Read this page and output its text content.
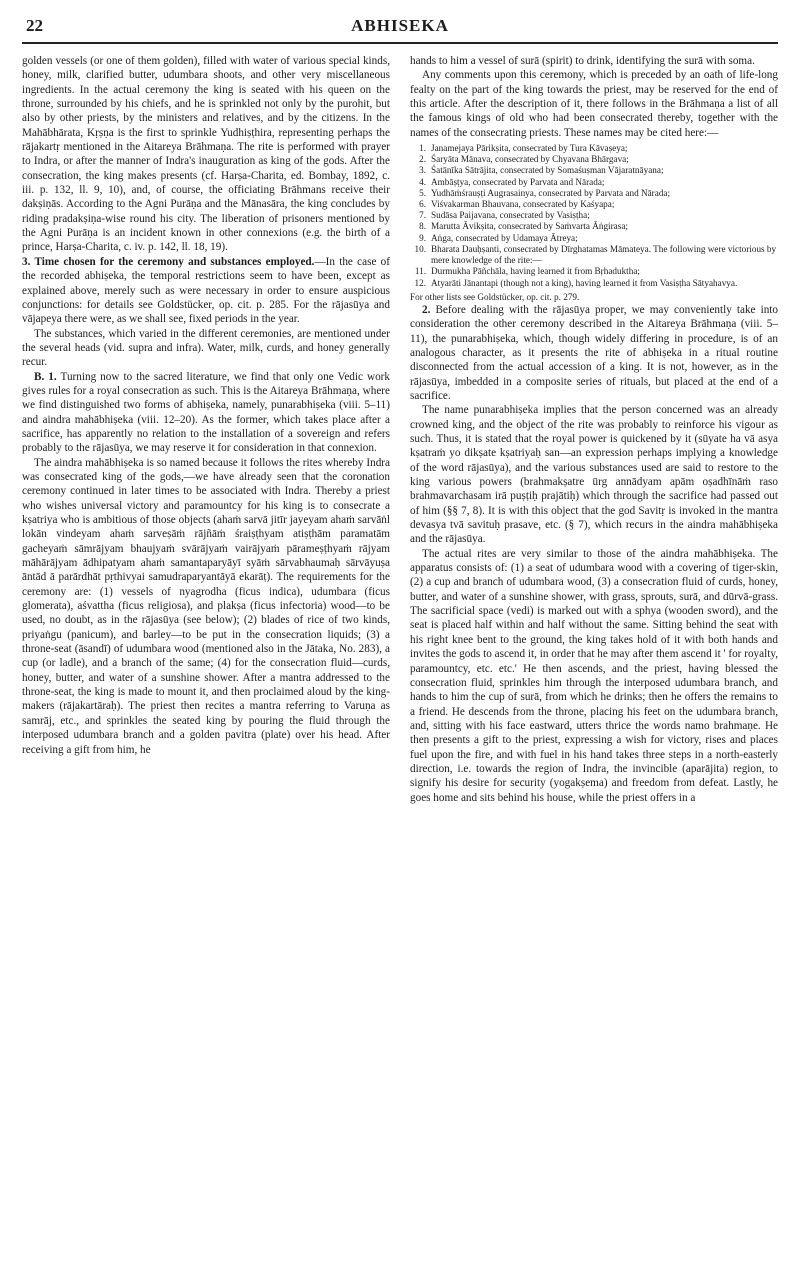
22	ABHISEKA

golden vessels (or one of them golden), filled with water of various special kinds, honey, milk, clarified butter, udumbara shoots, and other very miscellaneous ingredients. In the actual ceremony the king is seated with his queen on the throne, surrounded by his chiefs, and he is sprinkled not only by the purohit, but also by other priests, by the ministers and relatives, and by the citizens. In the Mahābhārata, Kṛṣṇa is the first to sprinkle Yudhiṣṭhira, representing perhaps the rājakartṛ mentioned in the Aitareya Brāhmaṇa. The rite is performed with prayer to Indra, or after the manner of Indra's inauguration as king of the gods. After the consecration, the king makes presents (cf. Harṣa-Charita, ed. Bombay, 1892, c. iii. p. 132, ll. 9, 10), and, of course, the officiating Brāhmans receive their dakṣiṇās. According to the Agni Purāṇa and the Mānasāra, the king concludes by riding pradakṣiṇa-wise round his city. The liberation of prisoners mentioned by the Agni Purāṇa is an incident known in other connexions (e.g. the birth of a prince, Harṣa-Charita, c. iv. p. 142, ll. 18, 19).

3. Time chosen for the ceremony and substances employed.—In the case of the recorded abhiṣeka, the temporal restrictions seem to have been, except as explained above, merely such as were necessary in order to ensure auspicious conjunctions: for details see Goldstücker, op. cit. p. 285. For the rājasūya and vājapeya there were, as we shall see, fixed periods in the year.

The substances, which varied in the different ceremonies, are mentioned under the several heads (vid. supra and infra). Water, milk, curds, and honey generally recur.

B. 1. Turning now to the sacred literature, we find that only one Vedic work gives rules for a royal consecration as such. This is the Aitareya Brāhmaṇa, where we find distinguished two forms of abhiṣeka, namely, punarabhiṣeka (viii. 5–11) and aindra mahābhiṣeka (viii. 12–20). As the former, which takes place after a sacrifice, has apparently no relation to the installation of a sovereign and refers probably to the rājasūya, we may reserve it for consideration in that connexion.

The aindra mahābhiṣeka is so named because it follows the rites whereby Indra was consecrated king of the gods,—we have already seen that the coronation ceremony continued in later times to be associated with Indra. Thereby a priest who wishes universal victory and paramountcy for his king is to consecrate a kṣatriya who is ambitious of those objects (ahaṁ sarvā jitīr jayeyam ahaṁ sarvāṅl lokān vindeyam ahaṁ sarveṣāṁ rājñāṁ śraiṣṭhyam atiṣṭhām paramatām gacheyaṁ sāmrājyam bhaujyaṁ svārājyaṁ vairājyaṁ pārameṣṭhyaṁ rājyam māhārājyam ādhipatyam ahaṁ samantaparyāyī syāṁ sārvabhaumaḥ sārvāyuṣa āntād ā parārdhāt pṛthivyai samudraparyantāyā ekarāṭ). The requirements for the ceremony are: (1) vessels of nyagrodha (ficus indica), udumbara (ficus glomerata), aśvattha (ficus religiosa), and plakṣa (ficus infectoria) wood—to be used, no doubt, as in the rājasūya (see below); (2) blades of rice of two kinds, priyaṅgu (panicum), and barley—to be put in the consecration liquids; (3) a throne-seat (āsandī) of udumbara wood (mentioned also in the Jātaka, No. 283), a cup (or ladle), and a branch of the same; (4) for the consecration fluid—curds, honey, butter, and water of a sunshine shower. After a mantra addressed to the throne-seat, the king is made to mount it, and then proclaimed aloud by the king-makers (rājakartāraḥ). The priest then recites a mantra referring to Varuṇa as samrāj, etc., and sprinkles the seated king by pouring the fluid through the interposed udumbara branch and a golden pavitra (plate) over his head. After receiving a gift from him, he

hands to him a vessel of surā (spirit) to drink, identifying the surā with soma.

Any comments upon this ceremony, which is preceded by an oath of life-long fealty on the part of the king towards the priest, may be reserved for the end of this article. After the description of it, there follows in the Brāhmaṇa a list of all the famous kings of old who had been consecrated thereby, together with the names of the consecrating priests. These names may be cited here:—

1. Janamejaya Pārikṣita, consecrated by Tura Kāvaṣeya;
2. Śaryāta Mānava, consecrated by Chyavana Bhārgava;
3. Śatānīka Sātrājita, consecrated by Somaśuṣman Vājaratnāyana;
4. Ambāṣṭya, consecrated by Parvata and Nārada;
5. Yudhāṁśrauṣṭi Augrasainya, consecrated by Parvata and Nārada;
6. Viśvakarman Bhauvana, consecrated by Kaśyapa;
7. Sudāsa Paijavana, consecrated by Vasiṣṭha;
8. Marutta Āvikṣita, consecrated by Saṁvarta Āṅgirasa;
9. Aṅga, consecrated by Udamaya Ātreya;
10. Bharata Dauḥṣanti, consecrated by Dīrghatamas Māmateya. The following were victorious by mere knowledge of the rite:—
11. Durmukha Pāñchāla, having learned it from Bṛhaduktha;
12. Atyarāti Jānantapi (though not a king), having learned it from Vasiṣṭha Sātyahavya.

For other lists see Goldstücker, op. cit. p. 279.

2. Before dealing with the rājasūya proper, we may conveniently take into consideration the other ceremony described in the Aitareya Brāhmaṇa (viii. 5–11), the punarabhiṣeka, which, though widely differing in procedure, is of an analogous character, as it presents the rite of abhiṣeka in a ritual routine disconnected from the actual accession of a king. It is not, however, as in the rājasūya, imbedded in a composite series of rituals, but placed at the end of a sacrifice.

The name punarabhiṣeka implies that the person concerned was an already crowned king, and the object of the rite was probably to reinforce his vigour as such. Thus, it is stated that the royal power is quickened by it (sūyate ha vā asya kṣatraṁ yo dikṣate kṣatriyaḥ san—an expression perhaps implying a knowledge of the word rājasūya), and the various substances used are said to restore to the king various powers (brahmakṣatre ūrg annādyam apām oṣadhīnāṁ raso brahmavarchasam irā puṣṭiḥ prajātiḥ) which through the sacrifice had passed out of him (§§ 7, 8). It is with this object that the god Savitṛ is invoked in the mantra devasya tvā savituḥ prasave, etc. (§ 7), which recurs in the aindra mahābhiṣeka and the rājasūya.

The actual rites are very similar to those of the aindra mahābhiṣeka. The apparatus consists of: (1) a seat of udumbara wood with a covering of tiger-skin, (2) a cup and branch of udumbara wood, (3) a consecration fluid of curds, honey, butter, and water of a sunshine shower, with grass, sprouts, surā, and dūrvā-grass. The sacrificial space (vedi) is marked out with a sphya (wooden sword), and the seat is placed half within and half without the same. Sitting behind the seat with his right knee bent to the ground, the king takes hold of it with both hands and invites the gods to ascend it, in order that he may after them ascend it ' for royalty, paramountcy, etc. etc.' He then ascends, and the priest, having blessed the consecration fluid, sprinkles him through the interposed udumbara branch, and hands to him the cup of surā, from which he drinks; then he offers the remains to a friend. He descends from the throne, placing his feet on the udumbara branch, and, sitting with his face eastward, utters thrice the words namo brahmaṇe. He then presents a gift to the priest, expressing a wish for victory, rises and places fuel upon the fire, and with fuel in his hand takes three steps in a north-easterly direction, i.e. towards the region of Indra, the invincible (aparājita) region, to signify his desire for security (yogakṣema) and freedom from defeat. Lastly, he goes home and sits behind his house, while the priest offers in a
